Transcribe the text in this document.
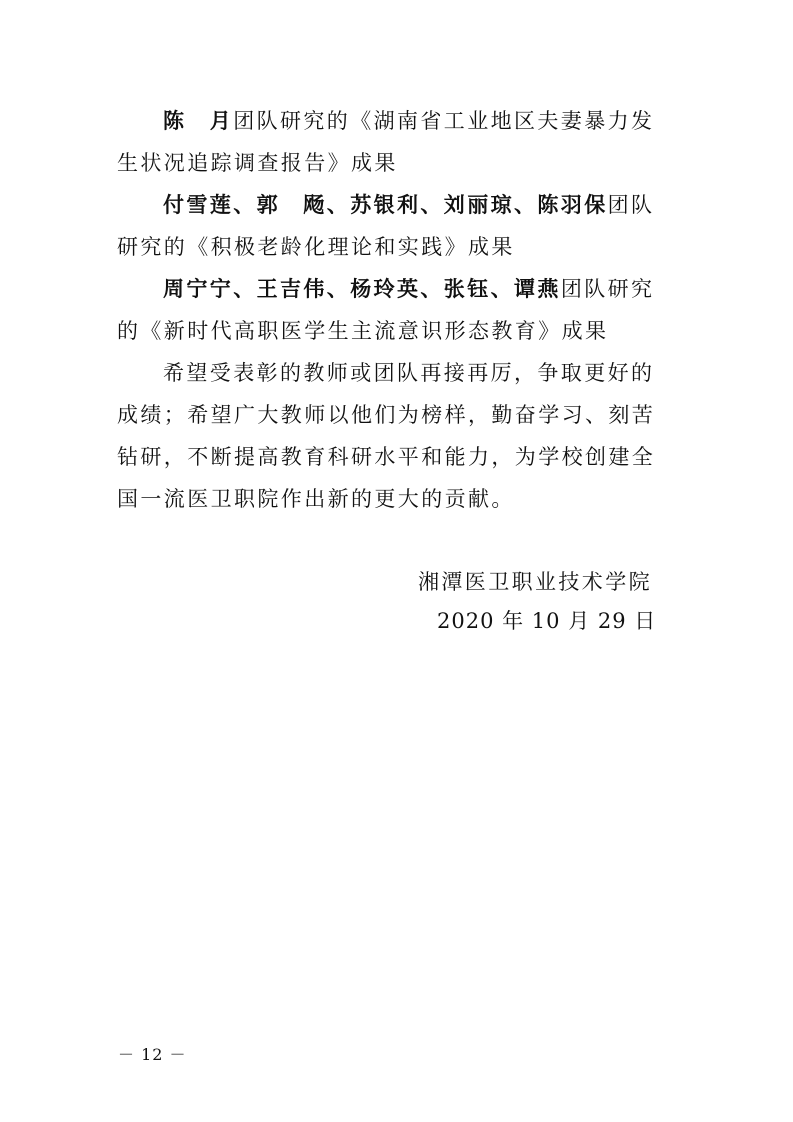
陈　月团队研究的《湖南省工业地区夫妻暴力发生状况追踪调查报告》成果

付雪莲、郭　飏、苏银利、刘丽琼、陈羽保团队研究的《积极老龄化理论和实践》成果

周宁宁、王吉伟、杨玲英、张钰、谭燕团队研究的《新时代高职医学生主流意识形态教育》成果

希望受表彰的教师或团队再接再厉，争取更好的成绩；希望广大教师以他们为榜样，勤奋学习、刻苦钻研，不断提高教育科研水平和能力，为学校创建全国一流医卫职院作出新的更大的贡献。

湘潭医卫职业技术学院
2020 年 10 月 29 日
－ 12 －
